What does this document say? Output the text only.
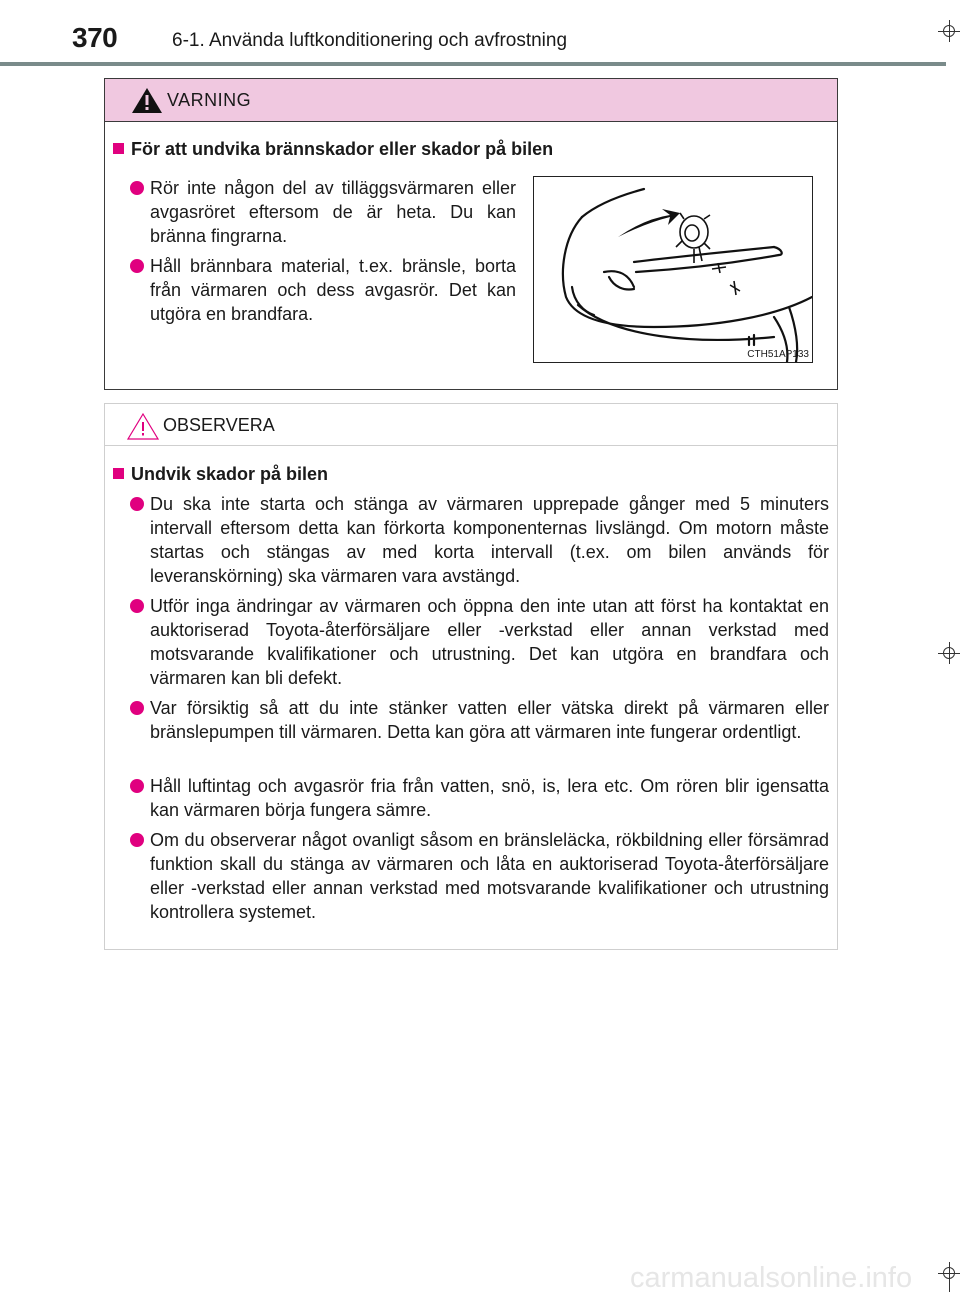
370	6-1. Använda luftkonditionering och avfrostning
VARNING
För att undvika brännskador eller skador på bilen
Rör inte någon del av tilläggsvärmaren eller avgasröret eftersom de är heta. Du kan bränna fingrarna.
Håll brännbara material, t.ex. bränsle, borta från värmaren och dess avgasrör. Det kan utgöra en brandfara.
CTH51AP133
OBSERVERA
Undvik skador på bilen
Du ska inte starta och stänga av värmaren upprepade gånger med 5 minuters intervall eftersom detta kan förkorta komponenternas livslängd. Om motorn måste startas och stängas av med korta intervall (t.ex. om bilen används för leveranskörning) ska värmaren vara avstängd.
Utför inga ändringar av värmaren och öppna den inte utan att först ha kontaktat en auktoriserad Toyota-återförsäljare eller -verkstad eller annan verkstad med motsvarande kvalifikationer och utrustning. Det kan utgöra en brandfara och värmaren kan bli defekt.
Var försiktig så att du inte stänker vatten eller vätska direkt på värmaren eller bränslepumpen till värmaren. Detta kan göra att värmaren inte fungerar ordentligt.
Håll luftintag och avgasrör fria från vatten, snö, is, lera etc. Om rören blir igensatta kan värmaren börja fungera sämre.
Om du observerar något ovanligt såsom en bränsleläcka, rökbildning eller försämrad funktion skall du stänga av värmaren och låta en auktoriserad Toyota-återförsäljare eller -verkstad eller annan verkstad med motsvarande kvalifikationer och utrustning kontrollera systemet.
carmanualsonline.info
